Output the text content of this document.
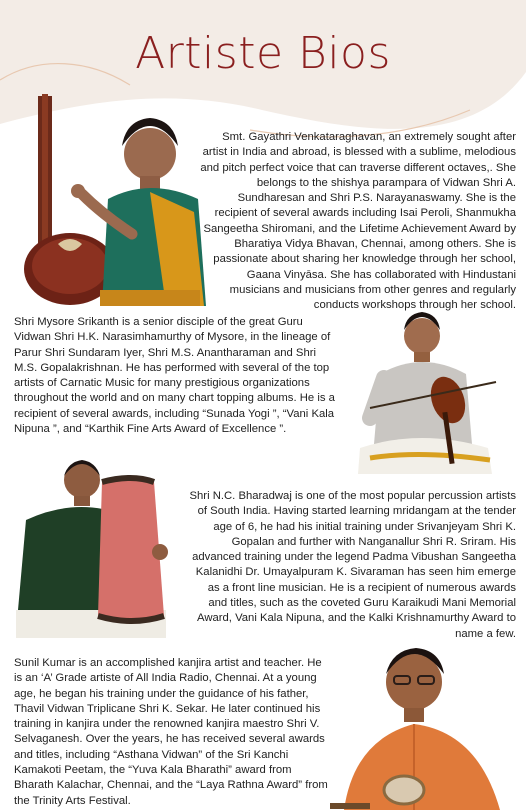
Artiste Bios

Smt. Gayathri Venkataraghavan, an extremely sought after artist in India and abroad, is blessed with a sublime, melodious and pitch perfect voice that can traverse different octaves,. She belongs to the shishya parampara of Vidwan Shri A. Sundharesan and Shri P.S. Narayanaswamy. She is the recipient of several awards including Isai Peroli, Shanmukha Sangeetha Shiromani, and the Lifetime Achievement Award by Bharatiya Vidya Bhavan, Chennai, among others. She is passionate about sharing her knowledge through her school, Gaana Vinyāsa. She has collaborated with Hindustani musicians and musicians from other genres and regularly conducts workshops through her school.

Shri Mysore Srikanth is a senior disciple of the great Guru Vidwan Shri H.K. Narasimhamurthy of Mysore, in the lineage of Parur Shri Sundaram Iyer, Shri M.S. Anantharaman and Shri M.S. Gopalakrishnan. He has performed with several of the top artists of Carnatic Music for many prestigious organizations throughout the world and on many chart topping albums. He is a recipient of several awards, including “Sunada Yogi ”, “Vani Kala Nipuna ”, and “Karthik Fine Arts Award of Excellence ”.

Shri N.C. Bharadwaj is one of the most popular percussion artists of South India. Having started learning mridangam at the tender age of 6, he had his initial training under Srivanjeyam Shri K. Gopalan and further with Nanganallur Shri R. Sriram. His advanced training under the legend Padma Vibushan Sangeetha Kalanidhi Dr. Umayalpuram K. Sivaraman has seen him emerge as a front line musician. He is a recipient of numerous awards and titles, such as the coveted Guru Karaikudi Mani Memorial Award, Vani Kala Nipuna, and the Kalki Krishnamurthy Award to name a few.

Sunil Kumar is an accomplished kanjira artist and teacher. He is an ‘A’ Grade artiste of All India Radio, Chennai. At a young age, he began his training under the guidance of his father, Thavil Vidwan Triplicane Shri K. Sekar. He later continued his training in kanjira under the renowned kanjira maestro Shri V. Selvaganesh. Over the years, he has received several awards and titles, including “Asthana Vidwan” of the Sri Kanchi Kamakoti Peetam, the “Yuva Kala Bharathi” award from Bharath Kalachar, Chennai, and the “Laya Rathna Award” from the Trinity Arts Festival.
